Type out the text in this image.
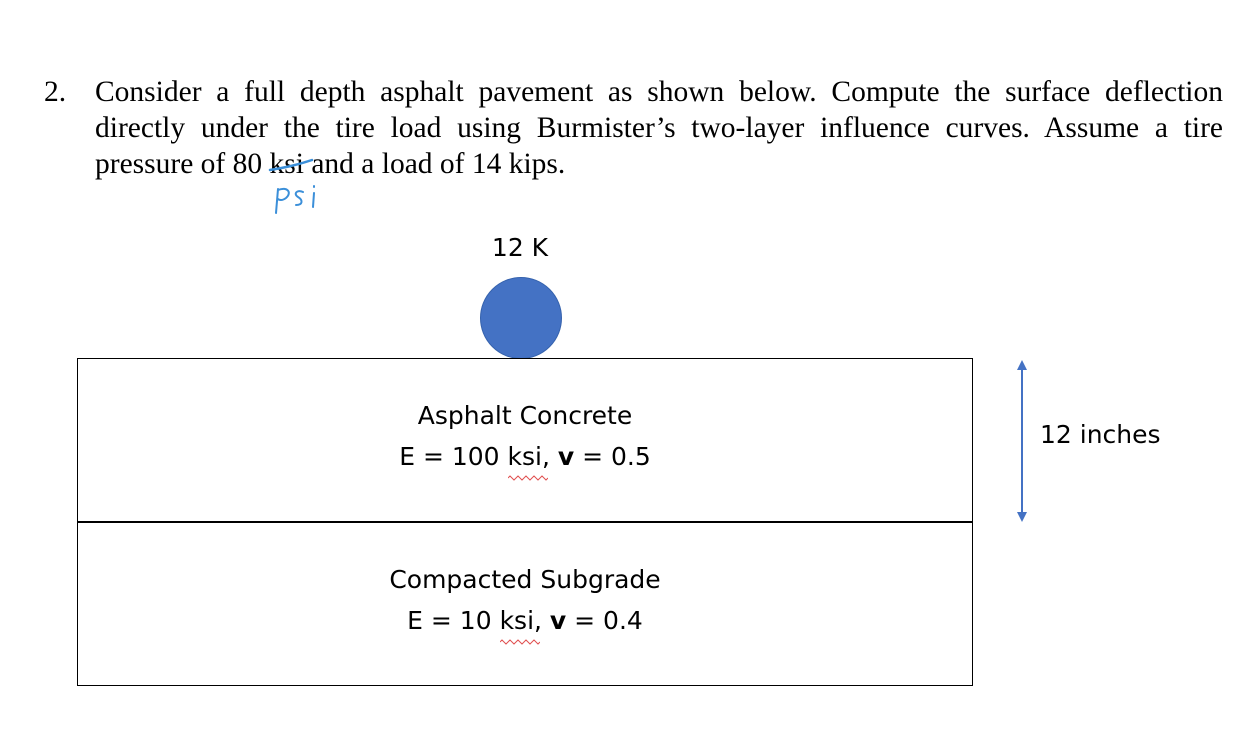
2. Consider a full depth asphalt pavement as shown below. Compute the surface deflection
directly under the tire load using Burmister’s two-layer influence curves. Assume a tire
pressure of 80 ksi
and a load of 14 kips.
psi
12 K
Asphalt Concrete
E = 100 ksi
, v = 0.5
Compacted Subgrade
E = 10 ksi
, v = 0.4
12 inches
